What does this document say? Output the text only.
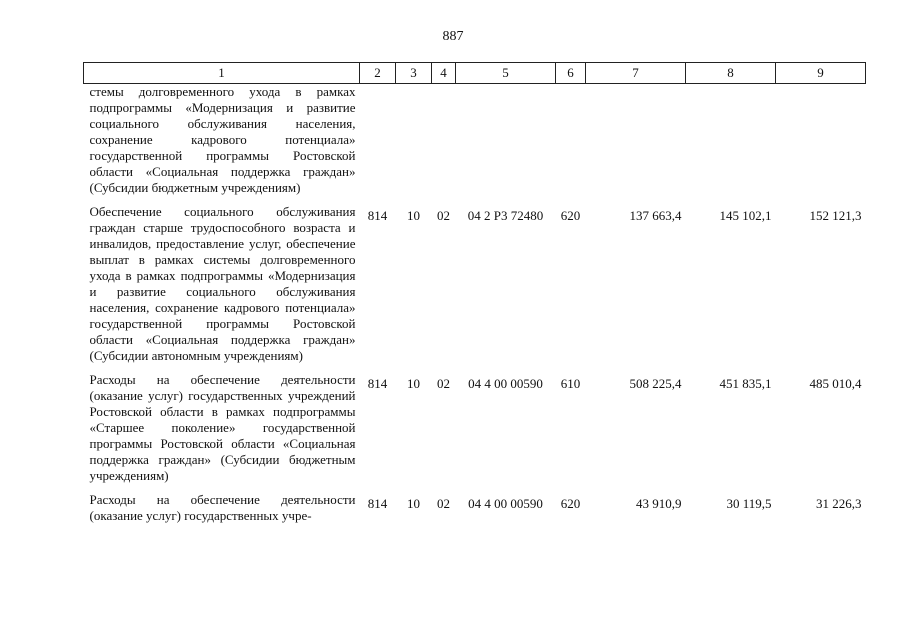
887
1	2	3	4	5	6	7	8	9
стемы долговременного ухода в рамках подпрограммы «Модернизация и развитие социального обслуживания населения, сохранение кадрового потенциала» государственной программы Ростовской области «Социальная поддержка граждан» (Субсидии бюджетным учреждениям)								
Обеспечение социального обслуживания граждан старше трудоспособного возраста и инвалидов, предоставление услуг, обеспечение выплат в рамках системы долговременного ухода в рамках подпрограммы «Модернизация и развитие социального обслуживания населения, сохранение кадрового потенциала» государственной программы Ростовской области «Социальная поддержка граждан» (Субсидии автономным учреждениям)	814	10	02	04 2 P3 72480	620	137 663,4	145 102,1	152 121,3
Расходы на обеспечение деятельности (оказание услуг) государственных учреждений Ростовской области в рамках подпрограммы «Старшее поколение» государственной программы Ростовской области «Социальная поддержка граждан» (Субсидии бюджетным учреждениям)	814	10	02	04 4 00 00590	610	508 225,4	451 835,1	485 010,4
Расходы на обеспечение деятельности (оказание услуг) государственных учре-	814	10	02	04 4 00 00590	620	43 910,9	30 119,5	31 226,3
